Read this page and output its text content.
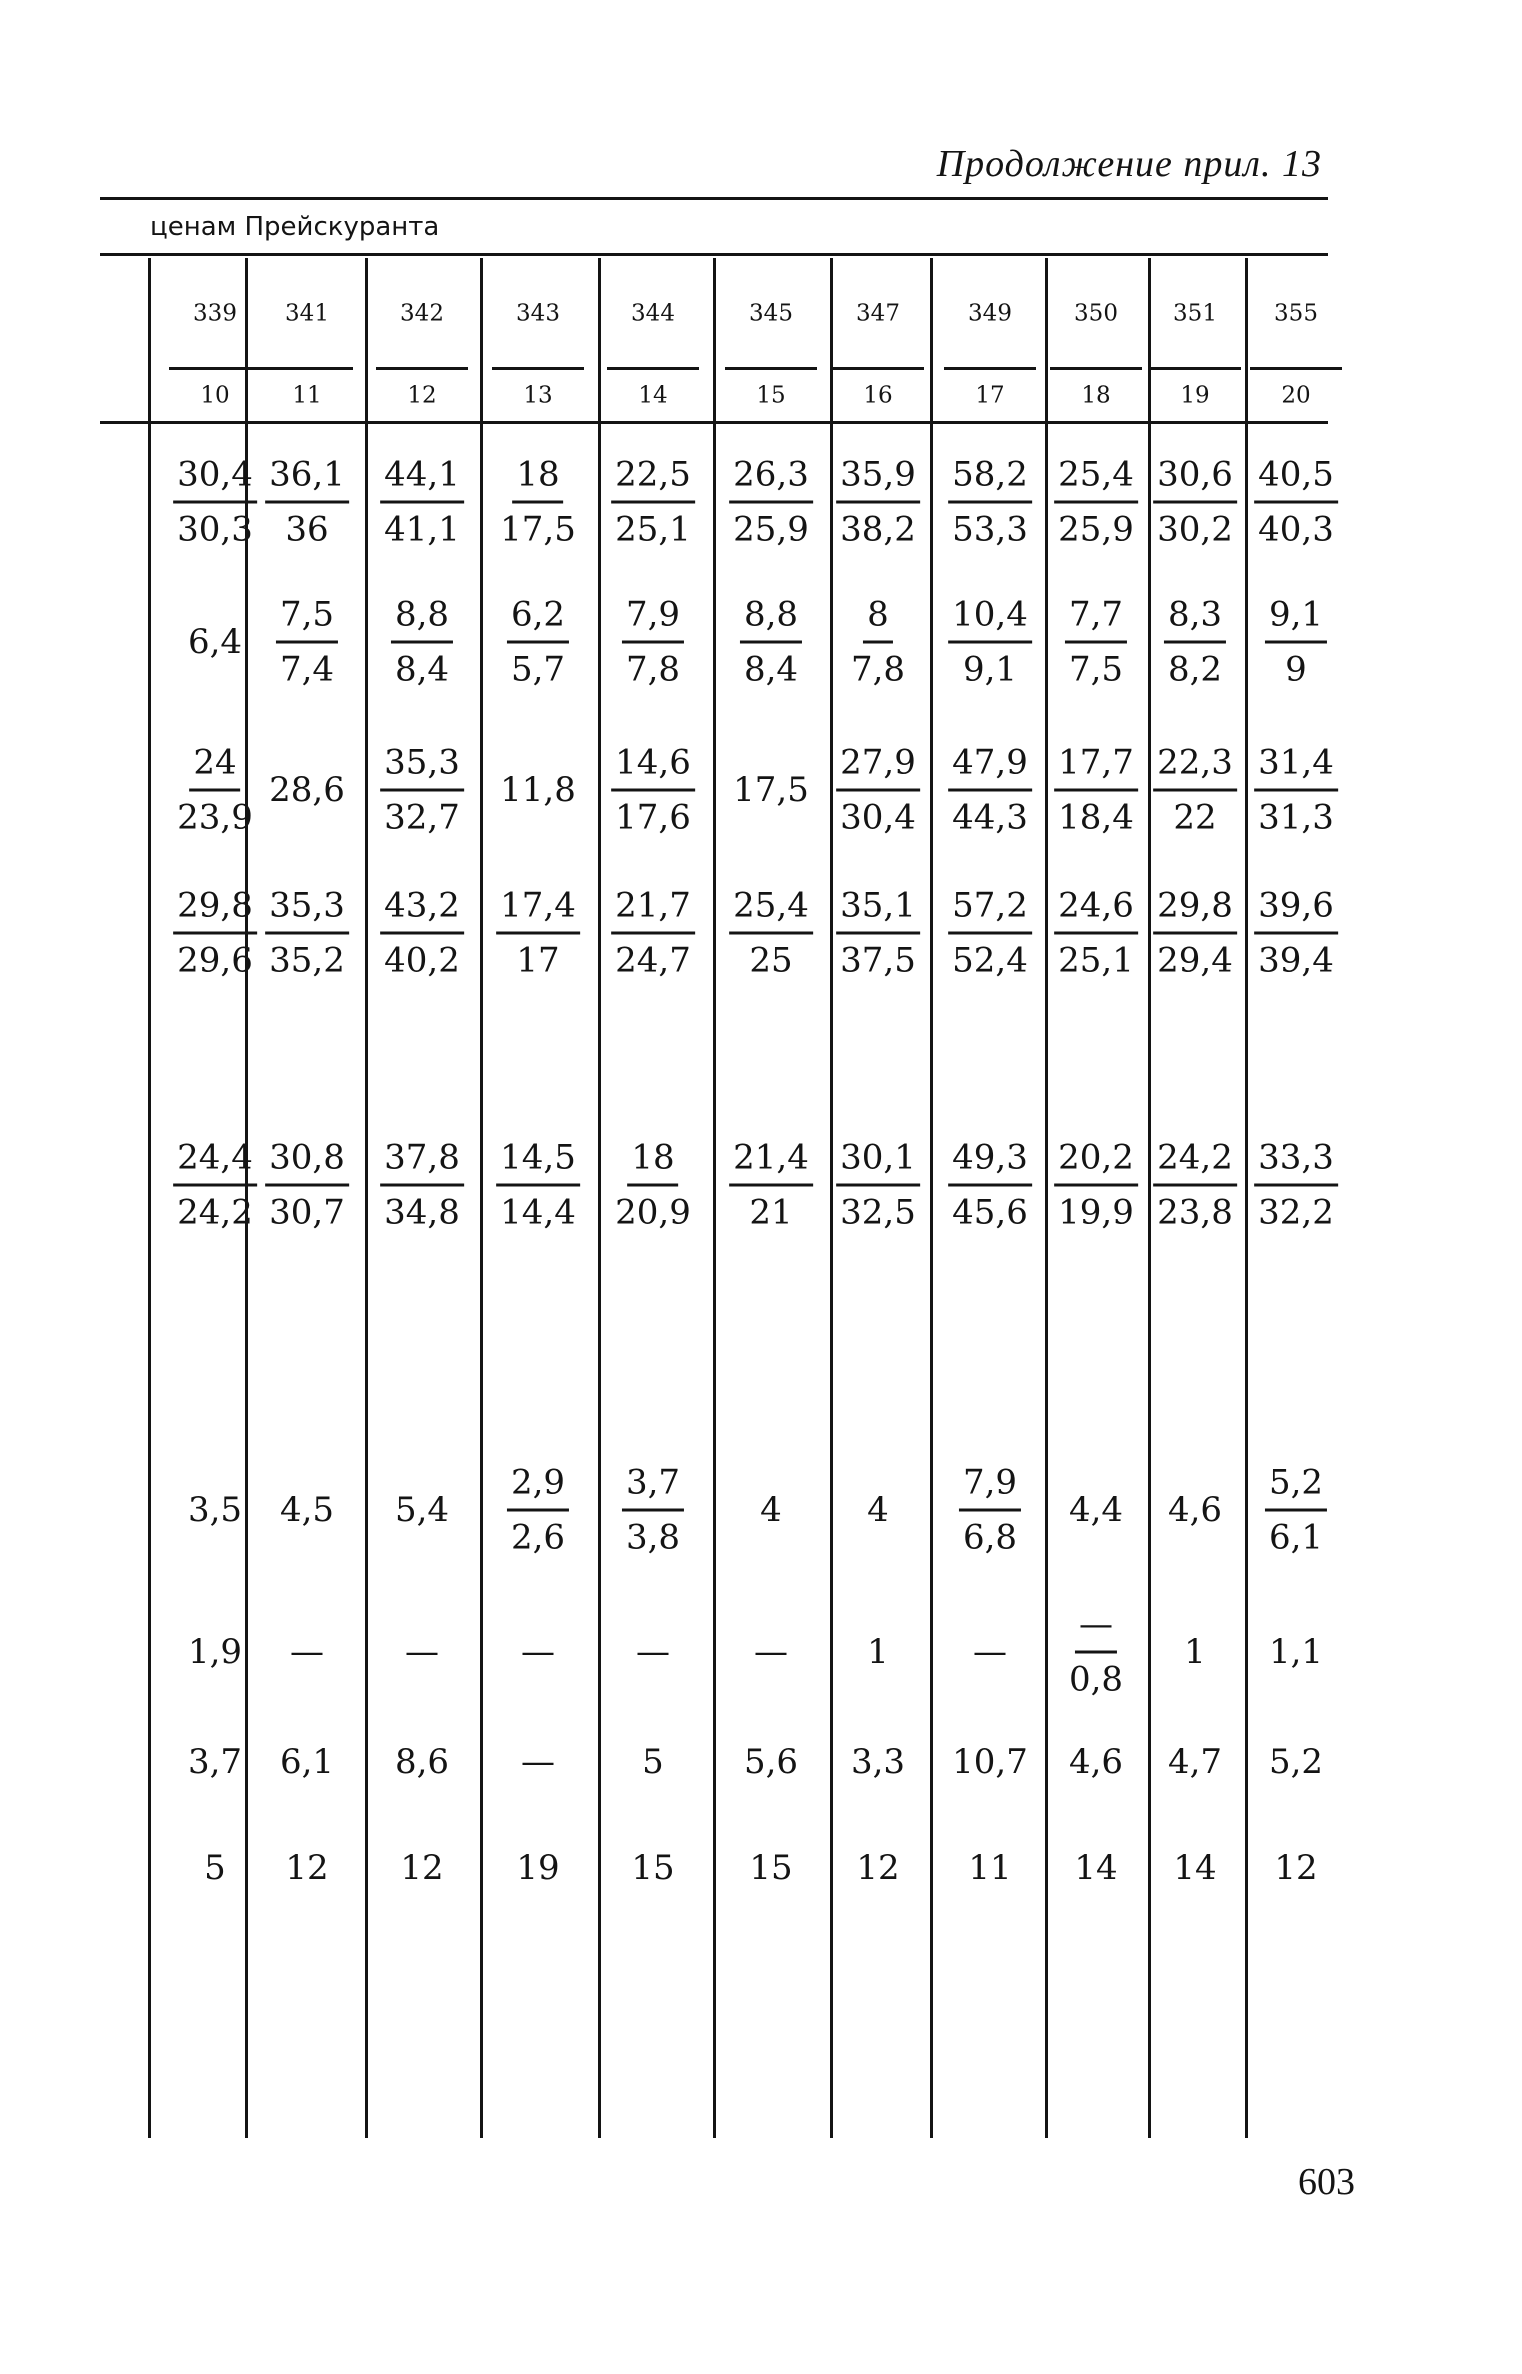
Продолжение прил. 13
ценам Прейскуранта
339
10
341
11
342
12
343
13
344
14
345
15
347
16
349
17
350
18
351
19
355
20
30,4
30,3
36,1
36
44,1
41,1
18
17,5
22,5
25,1
26,3
25,9
35,9
38,2
58,2
53,3
25,4
25,9
30,6
30,2
40,5
40,3
6,4
7,5
7,4
8,8
8,4
6,2
5,7
7,9
7,8
8,8
8,4
8
7,8
10,4
9,1
7,7
7,5
8,3
8,2
9,1
9
24
23,9
28,6
35,3
32,7
11,8
14,6
17,6
17,5
27,9
30,4
47,9
44,3
17,7
18,4
22,3
22
31,4
31,3
29,8
29,6
35,3
35,2
43,2
40,2
17,4
17
21,7
24,7
25,4
25
35,1
37,5
57,2
52,4
24,6
25,1
29,8
29,4
39,6
39,4
24,4
24,2
30,8
30,7
37,8
34,8
14,5
14,4
18
20,9
21,4
21
30,1
32,5
49,3
45,6
20,2
19,9
24,2
23,8
33,3
32,2
3,5 4,5 5,4
2,9
2,6
3,7
3,8
4	4
7,9
6,8
4,4 4,6
5,2
6,1
1,9 — — — — — 1 —
—
0,8
1 1,1
3,7 6,1 8,6 —	5 5,6 3,3 10,7 4,6 4,7 5,2
5 12 12 19 15 15 12 11 14 14 12
603
